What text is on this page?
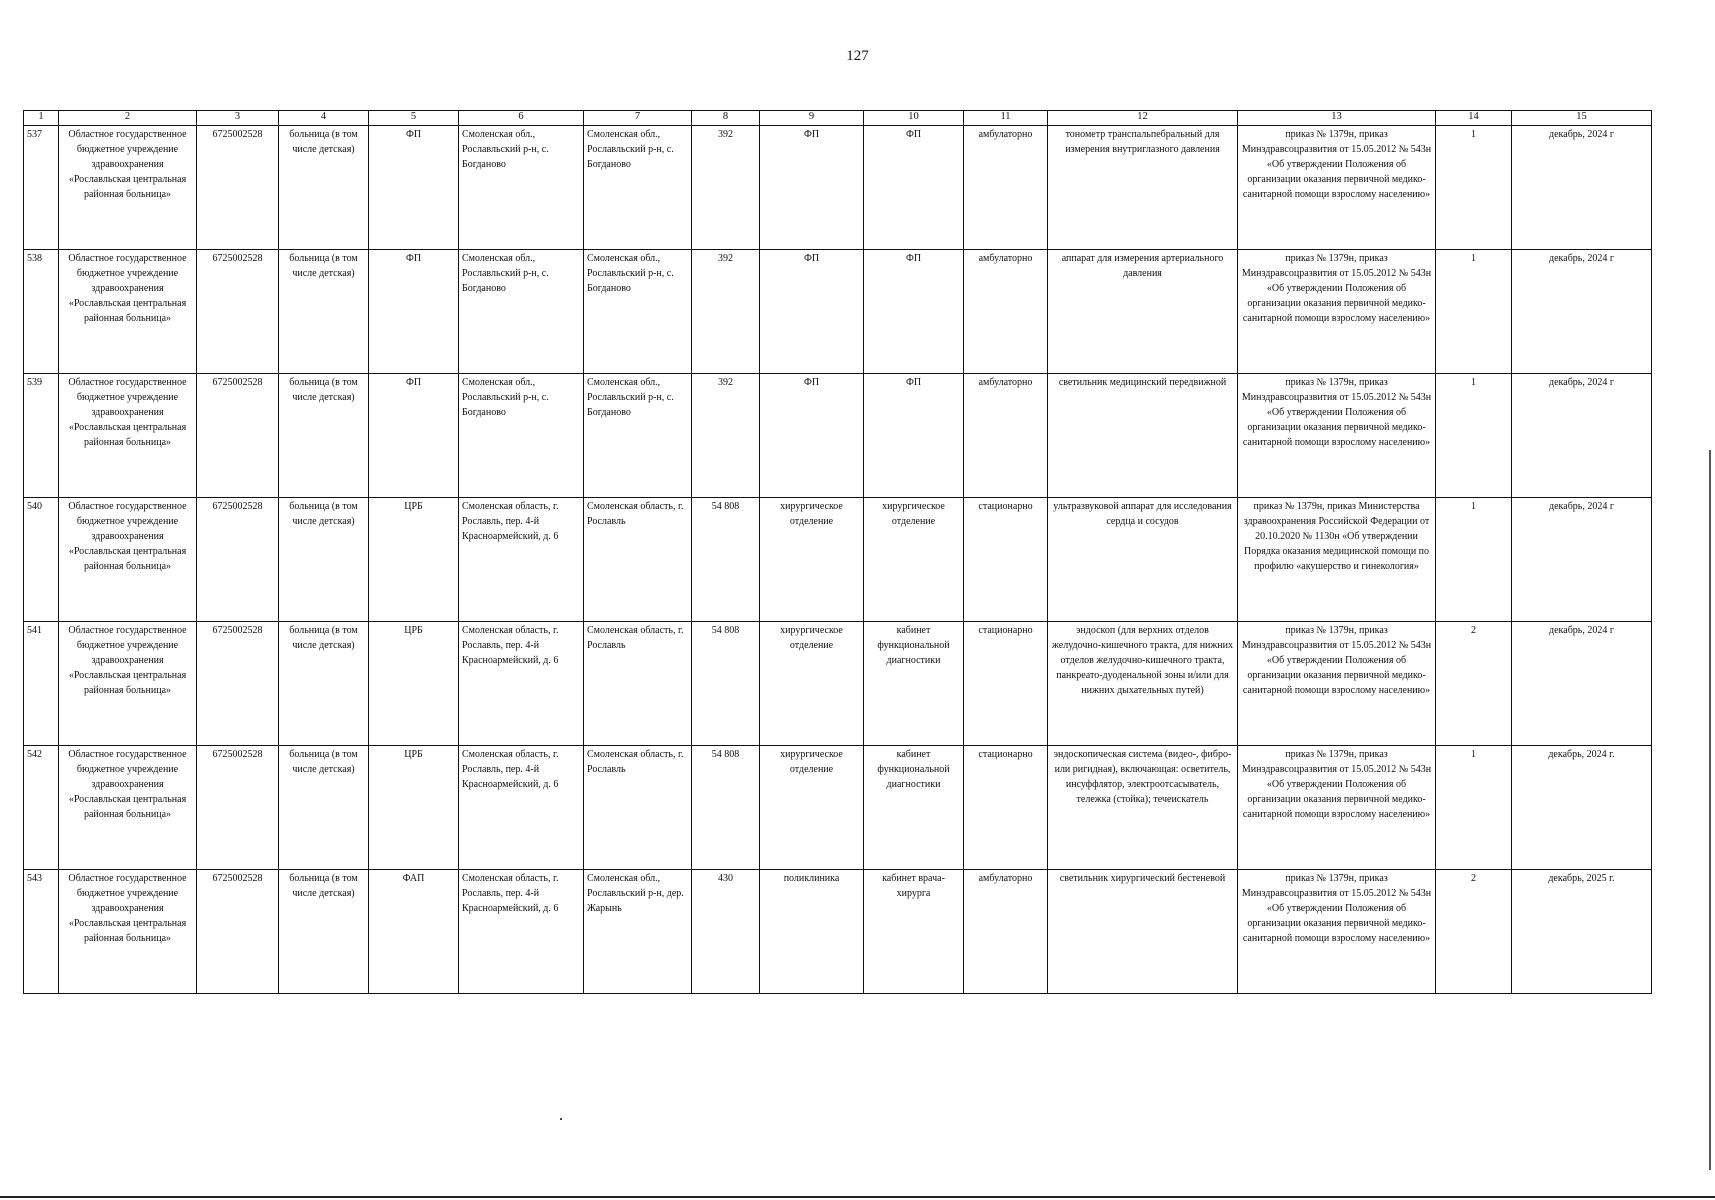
127
1	2	3	4	5	6	7	8	9	10	11	12	13	14	15
537	Областное государственное бюджетное учреждение здравоохранения «Рославльская центральная районная больница»	6725002528	больница (в том числе детская)	ФП	Смоленская обл., Рославльский р-н, с. Богданово	Смоленская обл., Рославльский р-н, с. Богданово	392	ФП	ФП	амбулаторно	тонометр транспальпебральный для измерения внутриглазного давления	приказ № 1379н, приказ Минздравсоцразвития от 15.05.2012 № 543н «Об утверждении Положения об организации оказания первичной медико-санитарной помощи взрослому населению»	1	декабрь, 2024 г
538	Областное государственное бюджетное учреждение здравоохранения «Рославльская центральная районная больница»	6725002528	больница (в том числе детская)	ФП	Смоленская обл., Рославльский р-н, с. Богданово	Смоленская обл., Рославльский р-н, с. Богданово	392	ФП	ФП	амбулаторно	аппарат для измерения артериального давления	приказ № 1379н, приказ Минздравсоцразвития от 15.05.2012 № 543н «Об утверждении Положения об организации оказания первичной медико-санитарной помощи взрослому населению»	1	декабрь, 2024 г
539	Областное государственное бюджетное учреждение здравоохранения «Рославльская центральная районная больница»	6725002528	больница (в том числе детская)	ФП	Смоленская обл., Рославльский р-н, с. Богданово	Смоленская обл., Рославльский р-н, с. Богданово	392	ФП	ФП	амбулаторно	светильник медицинский передвижной	приказ № 1379н, приказ Минздравсоцразвития от 15.05.2012 № 543н «Об утверждении Положения об организации оказания первичной медико-санитарной помощи взрослому населению»	1	декабрь, 2024 г
540	Областное государственное бюджетное учреждение здравоохранения «Рославльская центральная районная больница»	6725002528	больница (в том числе детская)	ЦРБ	Смоленская область, г. Рославль, пер. 4-й Красноармейский, д. 6	Смоленская область, г. Рославль	54 808	хирургическое отделение	хирургическое отделение	стационарно	ультразвуковой аппарат для исследования сердца и сосудов	приказ № 1379н, приказ Министерства здравоохранения Российской Федерации от 20.10.2020 № 1130н «Об утверждении Порядка оказания медицинской помощи по профилю «акушерство и гинекология»	1	декабрь, 2024 г
541	Областное государственное бюджетное учреждение здравоохранения «Рославльская центральная районная больница»	6725002528	больница (в том числе детская)	ЦРБ	Смоленская область, г. Рославль, пер. 4-й Красноармейский, д. 6	Смоленская область, г. Рославль	54 808	хирургическое отделение	кабинет функциональной диагностики	стационарно	эндоскоп (для верхних отделов желудочно-кишечного тракта, для нижних отделов желудочно-кишечного тракта, панкреато-дуоденальной зоны и/или для нижних дыхательных путей)	приказ № 1379н, приказ Минздравсоцразвития от 15.05.2012 № 543н «Об утверждении Положения об организации оказания первичной медико-санитарной помощи взрослому населению»	2	декабрь, 2024 г
542	Областное государственное бюджетное учреждение здравоохранения «Рославльская центральная районная больница»	6725002528	больница (в том числе детская)	ЦРБ	Смоленская область, г. Рославль, пер. 4-й Красноармейский, д. 6	Смоленская область, г. Рославль	54 808	хирургическое отделение	кабинет функциональной диагностики	стационарно	эндоскопическая система (видео-, фибро- или ригидная), включающая: осветитель, инсуффлятор, электроотсасыватель, тележка (стойка); течеискатель	приказ № 1379н, приказ Минздравсоцразвития от 15.05.2012 № 543н «Об утверждении Положения об организации оказания первичной медико-санитарной помощи взрослому населению»	1	декабрь, 2024 г.
543	Областное государственное бюджетное учреждение здравоохранения «Рославльская центральная районная больница»	6725002528	больница (в том числе детская)	ФАП	Смоленская область, г. Рославль, пер. 4-й Красноармейский, д. 6	Смоленская обл., Рославльский р-н, дер. Жарынь	430	поликлиника	кабинет врача-хирурга	амбулаторно	светильник хирургический бестеневой	приказ № 1379н, приказ Минздравсоцразвития от 15.05.2012 № 543н «Об утверждении Положения об организации оказания первичной медико-санитарной помощи взрослому населению»	2	декабрь, 2025 г.
